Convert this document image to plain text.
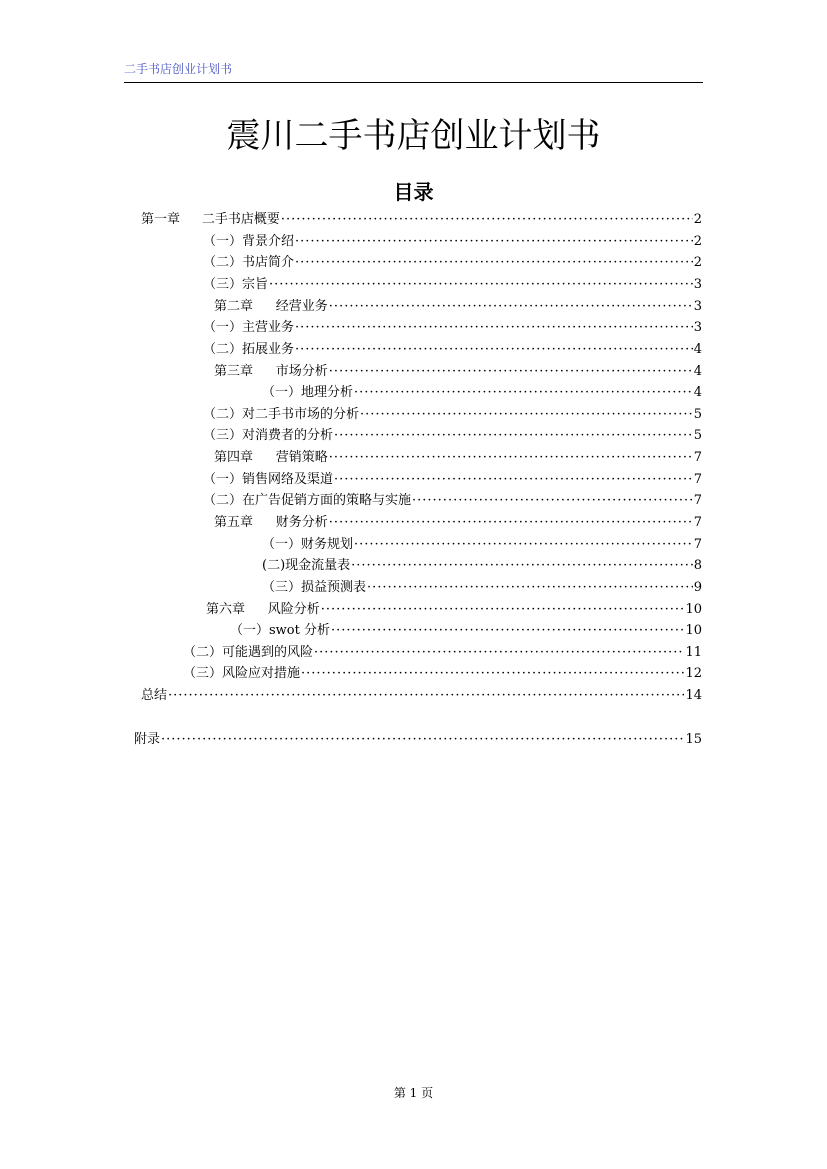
二手书店创业计划书
震川二手书店创业计划书
目录
第一章 二手书店概要 ·····	2
（一）背景介绍 ·····	2
（二）书店简介 ·····	2
（三）宗旨 ·····	3
第二章 经营业务 ·····	3
（一）主营业务 ·····	3
（二）拓展业务 ·····	4
第三章 市场分析 ·····	4
（一）地理分析 ·····	4
（二）对二手书市场的分析 ·····	5
（三）对消费者的分析 ·····	5
第四章 营销策略 ·····	7
（一）销售网络及渠道 ·····	7
（二）在广告促销方面的策略与实施 ·····	7
第五章 财务分析 ·····	7
（一）财务规划 ·····	7
(二)现金流量表 ·····	8
（三）损益预测表 ·····	9
第六章 风险分析 ·····	10
（一）swot 分析 ·····	10
（二）可能遇到的风险 ·····	11
（三）风险应对措施 ·····	12
总结 ·····	14
附录 ·····	15
第 1 页
